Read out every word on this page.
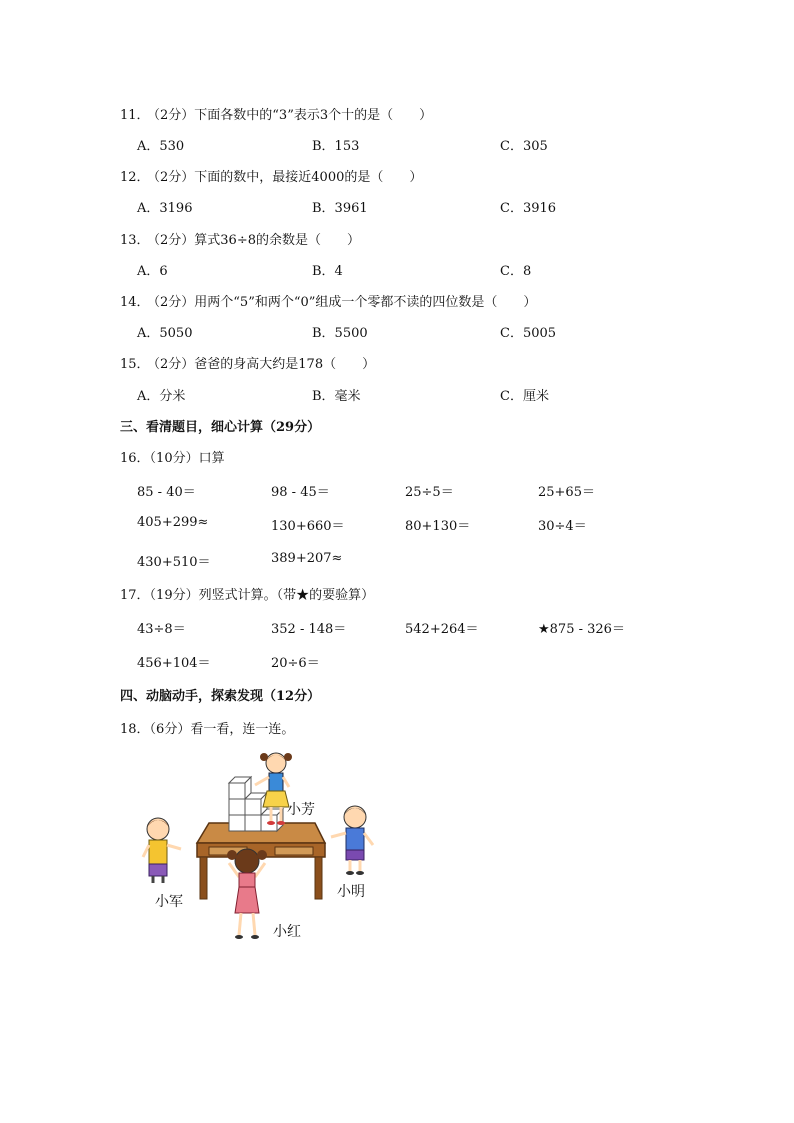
11．
（2分）下面各数中的“3”表示3个十的是（　　）
A．530	B．153	C．305
12．
（2分）下面的数中，最接近4000的是（　　）
A．3196	B．3961	C．3916
13．
（2分）算式36÷8的余数是（　　）
A．6	B．4	C．8
14．
（2分）用两个“5”和两个“0”组成一个零都不读的四位数是（　　）
A．5050	B．5500	C．5005
15．
（2分）爸爸的身高大约是178（　　）
A．分米	B．毫米	C．厘米
三、看清题目，细心计算（29分）
16．（10分）口算
85 - 40＝	98 - 45＝	25÷5＝	25+65＝
405+299≈	130+660＝	80+130＝	30÷4＝
430+510＝	389+207≈
17．（19分）列竖式计算。（带★的要验算）
43÷8＝	352 - 148＝	542+264＝	★875 - 326＝
456+104＝	20÷6＝
四、动脑动手，探索发现（12分）
18．（6分）看一看，连一连。
小芳
小军
小明
小红
